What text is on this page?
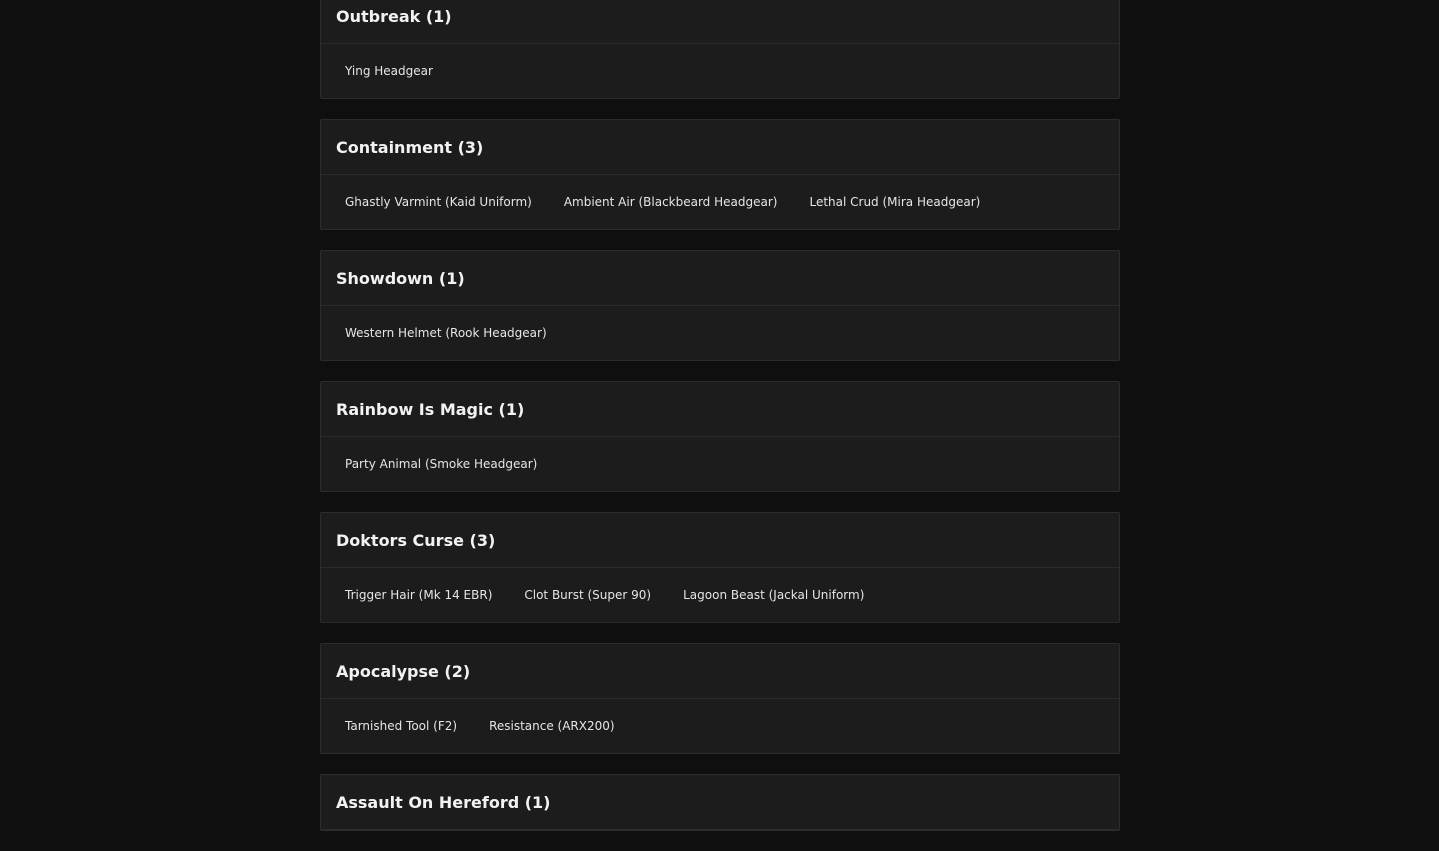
Outbreak (1)
Ying Headgear
Containment (3)
Ghastly Varmint (Kaid Uniform)	Ambient Air (Blackbeard Headgear)	Lethal Crud (Mira Headgear)
Showdown (1)
Western Helmet (Rook Headgear)
Rainbow Is Magic (1)
Party Animal (Smoke Headgear)
Doktors Curse (3)
Trigger Hair (Mk 14 EBR)	Clot Burst (Super 90)	Lagoon Beast (Jackal Uniform)
Apocalypse (2)
Tarnished Tool (F2)	Resistance (ARX200)
Assault On Hereford (1)
